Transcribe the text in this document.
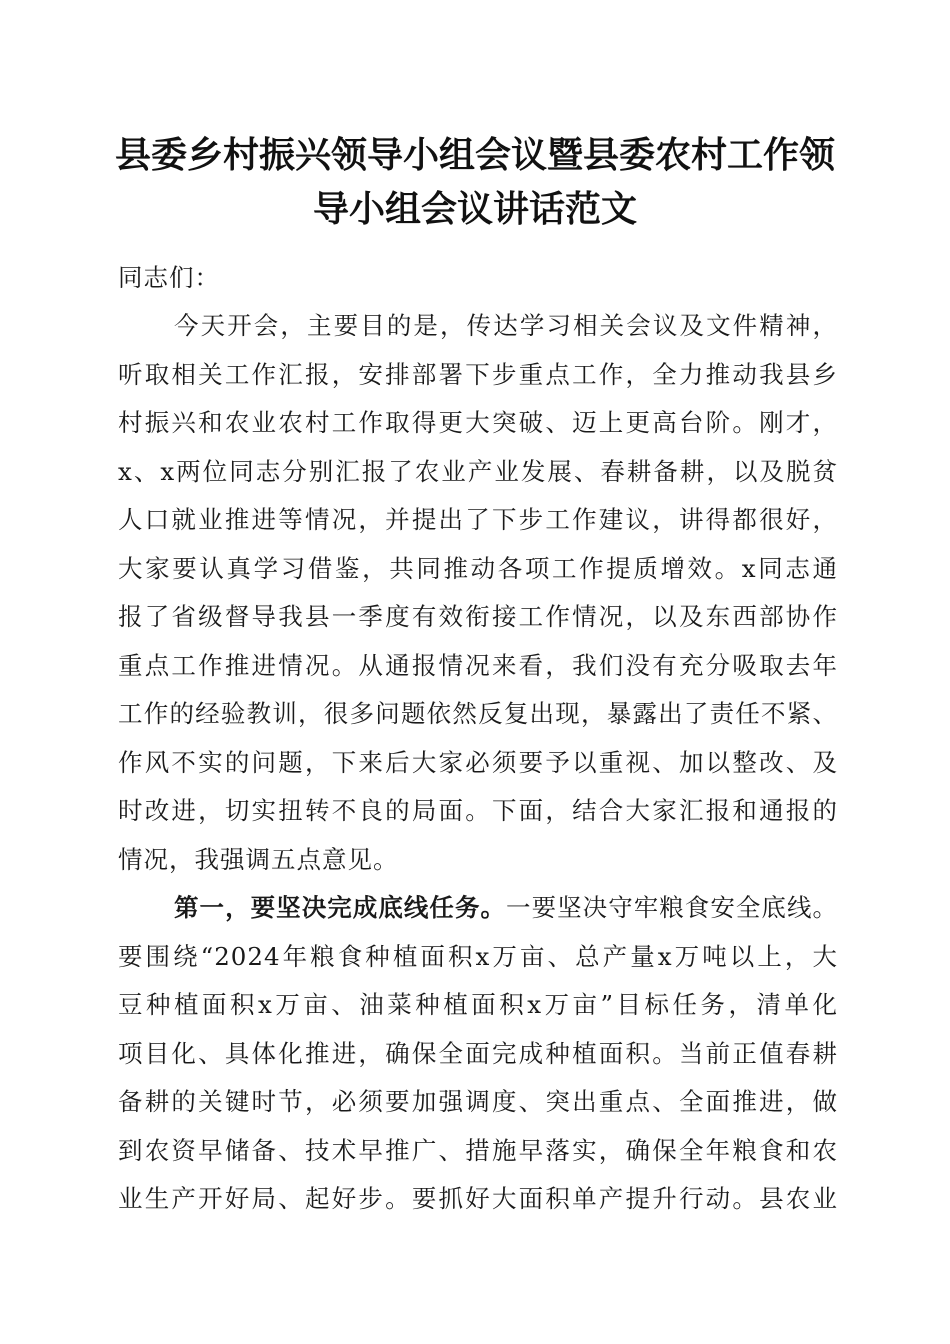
县委乡村振兴领导小组会议暨县委农村工作领
导小组会议讲话范文
同志们：
今天开会，主要目的是，传达学习相关会议及文件精神，
听取相关工作汇报，安排部署下步重点工作，全力推动我县乡
村振兴和农业农村工作取得更大突破、迈上更高台阶。刚才，
x、x两位同志分别汇报了农业产业发展、春耕备耕，以及脱贫
人口就业推进等情况，并提出了下步工作建议，讲得都很好，
大家要认真学习借鉴，共同推动各项工作提质增效。x同志通
报了省级督导我县一季度有效衔接工作情况，以及东西部协作
重点工作推进情况。从通报情况来看，我们没有充分吸取去年
工作的经验教训，很多问题依然反复出现，暴露出了责任不紧、
作风不实的问题，下来后大家必须要予以重视、加以整改、及
时改进，切实扭转不良的局面。下面，结合大家汇报和通报的
情况，我强调五点意见。
第一，要坚决完成底线任务。一要坚决守牢粮食安全底线。
要围绕“2024年粮食种植面积x万亩、总产量x万吨以上，大
豆种植面积x万亩、油菜种植面积x万亩”目标任务，清单化
项目化、具体化推进，确保全面完成种植面积。当前正值春耕
备耕的关键时节，必须要加强调度、突出重点、全面推进，做
到农资早储备、技术早推广、措施早落实，确保全年粮食和农
业生产开好局、起好步。要抓好大面积单产提升行动。县农业
